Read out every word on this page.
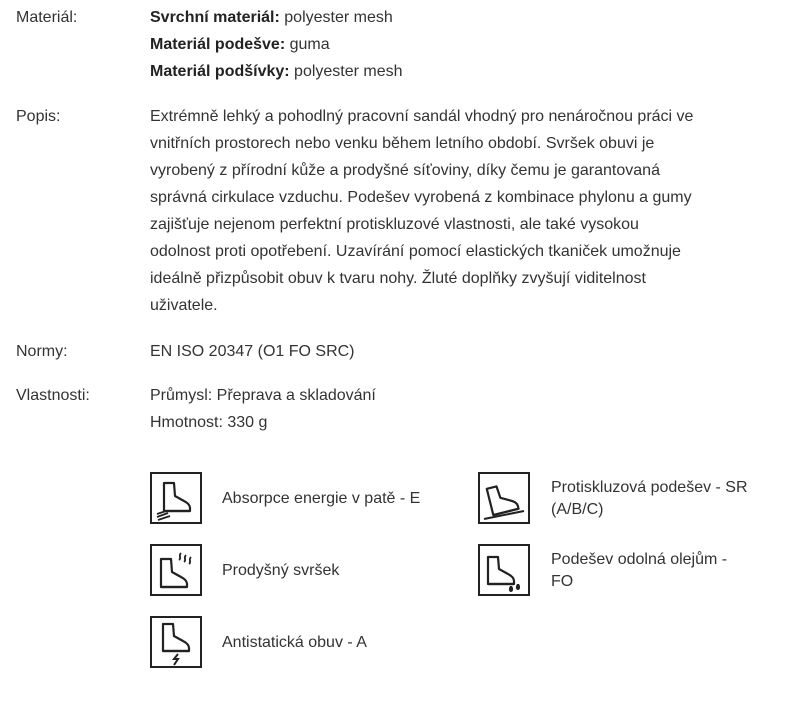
Materiál:	Svrchní materiál: polyester mesh
Materiál podešve: guma
Materiál podšívky: polyester mesh
Popis:	Extrémně lehký a pohodlný pracovní sandál vhodný pro nenáročnou práci ve
vnitřních prostorech nebo venku během letního období. Svršek obuvi je
vyrobený z přírodní kůže a prodyšné síťoviny, díky čemu je garantovaná
správná cirkulace vzduchu. Podešev vyrobená z kombinace phylonu a gumy
zajišťuje nejenom perfektní protiskluzové vlastnosti, ale také vysokou
odolnost proti opotřebení. Uzavírání pomocí elastických tkaniček umožnuje
ideálně přizpůsobit obuv k tvaru nohy. Žluté doplňky zvyšují viditelnost
uživatele.
Normy:	EN ISO 20347 (O1 FO SRC)
Vlastnosti:	Průmysl: Přeprava a skladování
Hmotnost: 330 g
Absorpce energie v patě - E
Protiskluzová podešev - SR
(A/B/C)
Prodyšný svršek
Podešev odolná olejům -
FO
Antistatická obuv - A
